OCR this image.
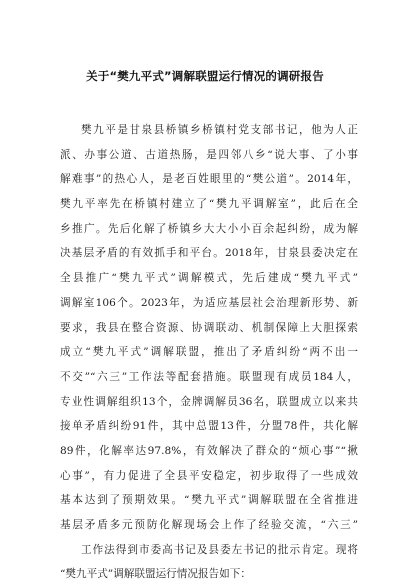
关于“樊九平式”调解联盟运行情况的调研报告
樊九平是甘泉县桥镇乡桥镇村党支部书记，他为人正
派、办事公道、古道热肠，是四邻八乡“说大事、了小事
解难事”的热心人，是老百姓眼里的“樊公道”。2014年，
樊九平率先在桥镇村建立了“樊九平调解室”，此后在全
乡推广。先后化解了桥镇乡大大小小百余起纠纷，成为解
决基层矛盾的有效抓手和平台。2018年，甘泉县委决定在
全县推广“樊九平式”调解模式，先后建成“樊九平式”
调解室106个。2023年，为适应基层社会治理新形势、新
要求，我县在整合资源、协调联动、机制保障上大胆探索
成立“樊九平式”调解联盟，推出了矛盾纠纷“两不出一
不交”“六三”工作法等配套措施。联盟现有成员184人，
专业性调解组织13个，金牌调解员36名，联盟成立以来共
接单矛盾纠纷91件，其中总盟13件，分盟78件，共化解
89件，化解率达97.8%，有效解决了群众的“烦心事”“揪
心事”，有力促进了全县平安稳定，初步取得了一些成效
基本达到了预期效果。“樊九平式”调解联盟在全省推进
基层矛盾多元预防化解现场会上作了经验交流，“六三”
工作法得到市委高书记及县委左书记的批示肯定。现将
“樊九平式”调解联盟运行情况报告如下：
